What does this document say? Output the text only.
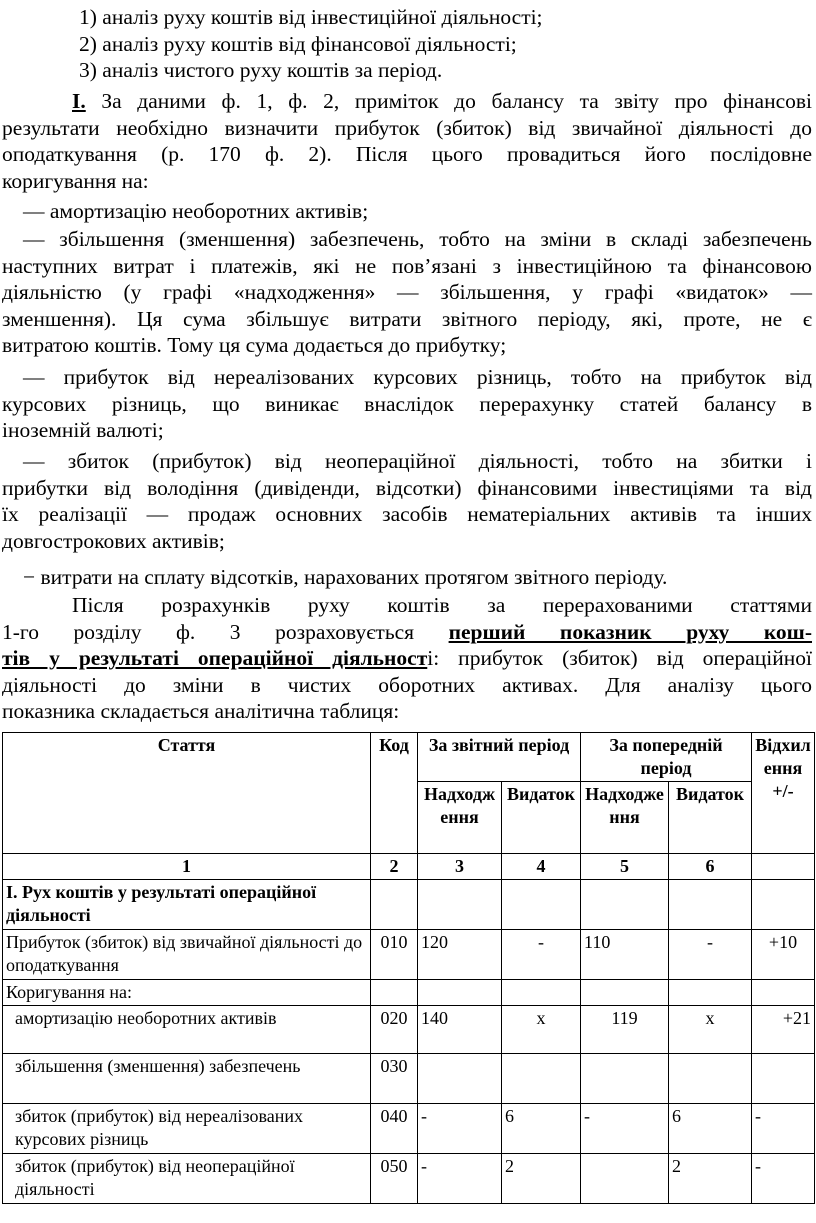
1) аналіз руху коштів від інвестиційної діяльності;
2) аналіз руху коштів від фінансової діяльності;
3) аналіз чистого руху коштів за період.

І. За даними ф. 1, ф. 2, приміток до балансу та звіту про фінансові
результати необхідно визначити прибуток (збиток) від звичайної діяльності до
оподаткування (р. 170 ф. 2). Після цього провадиться його послідовне
коригування на:

— амортизацію необоротних активів;

— збільшення (зменшення) забезпечень, тобто на зміни в складі забезпечень
наступних витрат і платежів, які не пов’язані з інвестиційною та фінансовою
діяльністю (у графі «надходження» — збільшення, у графі «видаток» —
зменшення). Ця сума збільшує витрати звітного періоду, які, проте, не є
витратою коштів. Тому ця сума додається до прибутку;

— прибуток від нереалізованих курсових різниць, тобто на прибуток від
курсових різниць, що виникає внаслідок перерахунку статей балансу в
іноземній валюті;

— збиток (прибуток) від неопераційної діяльності, тобто на збитки і
прибутки від володіння (дивіденди, відсотки) фінансовими інвестиціями та від
їх реалізації — продаж основних засобів нематеріальних активів та інших
довгострокових активів;

− витрати на сплату відсотків, нарахованих протягом звітного періоду.

Після розрахунків руху коштів за перерахованими статтями
1-го розділу ф. 3 розраховується перший показник руху кош-
тів у результаті операційної діяльності: прибуток (збиток) від операційної
діяльності до зміни в чистих оборотних активах. Для аналізу цього
показника складається аналітична таблиця:

Стаття	Код	За звітний період		За попередній період		Відхилення +/-
		Надходження	Видаток	Надходження	Видаток	
1	2	3	4	5	6	
І. Рух коштів у результаті операційної діяльності						
Прибуток (збиток) від звичайної діяльності до оподаткування	010	120	-	110	-	+10
Коригування на:						
амортизацію необоротних активів	020	140	х	119	х	+21
збільшення (зменшення) забезпечень	030					
збиток (прибуток) від нереалізованих курсових різниць	040	-	6	-	6	-
збиток (прибуток) від неопераційної діяльності	050	-	2		2	-
